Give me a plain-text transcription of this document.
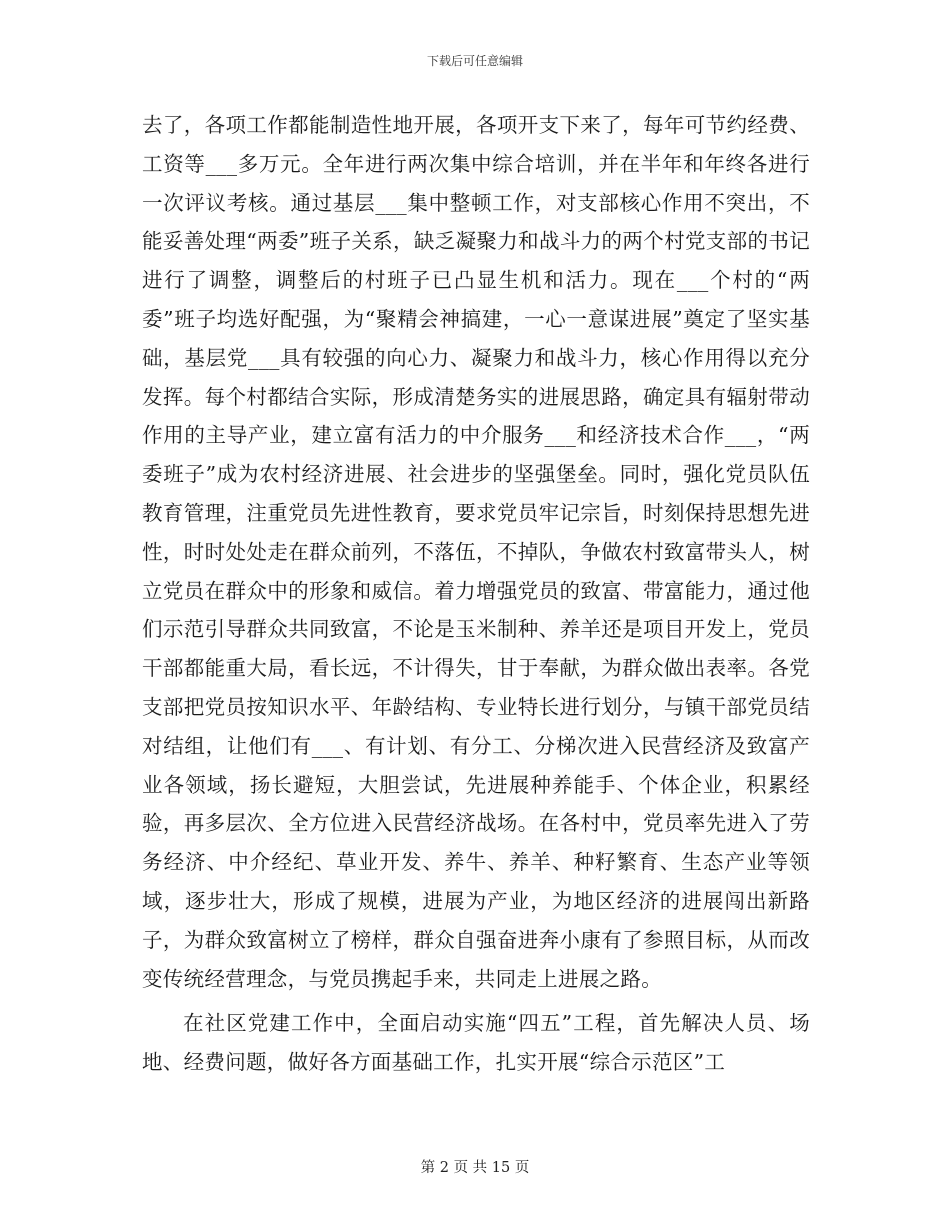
下载后可任意编辑

去了，各项工作都能制造性地开展，各项开支下来了，每年可节约经费、工资等___多万元。全年进行两次集中综合培训，并在半年和年终各进行一次评议考核。通过基层___集中整顿工作，对支部核心作用不突出，不能妥善处理“两委”班子关系，缺乏凝聚力和战斗力的两个村党支部的书记进行了调整，调整后的村班子已凸显生机和活力。现在___个村的“两委”班子均选好配强，为“聚精会神搞建，一心一意谋进展”奠定了坚实基础，基层党___具有较强的向心力、凝聚力和战斗力，核心作用得以充分发挥。每个村都结合实际，形成清楚务实的进展思路，确定具有辐射带动作用的主导产业，建立富有活力的中介服务___和经济技术合作___，“两委班子”成为农村经济进展、社会进步的坚强堡垒。同时，强化党员队伍教育管理，注重党员先进性教育，要求党员牢记宗旨，时刻保持思想先进性，时时处处走在群众前列，不落伍，不掉队，争做农村致富带头人，树立党员在群众中的形象和威信。着力增强党员的致富、带富能力，通过他们示范引导群众共同致富，不论是玉米制种、养羊还是项目开发上，党员干部都能重大局，看长远，不计得失，甘于奉献，为群众做出表率。各党支部把党员按知识水平、年龄结构、专业特长进行划分，与镇干部党员结对结组，让他们有___、有计划、有分工、分梯次进入民营经济及致富产业各领域，扬长避短，大胆尝试，先进展种养能手、个体企业，积累经验，再多层次、全方位进入民营经济战场。在各村中，党员率先进入了劳务经济、中介经纪、草业开发、养牛、养羊、种籽繁育、生态产业等领域，逐步壮大，形成了规模，进展为产业，为地区经济的进展闯出新路子，为群众致富树立了榜样，群众自强奋进奔小康有了参照目标，从而改变传统经营理念，与党员携起手来，共同走上进展之路。

在社区党建工作中，全面启动实施“四五”工程，首先解决人员、场地、经费问题，做好各方面基础工作，扎实开展“综合示范区”工

第 2 页 共 15 页
